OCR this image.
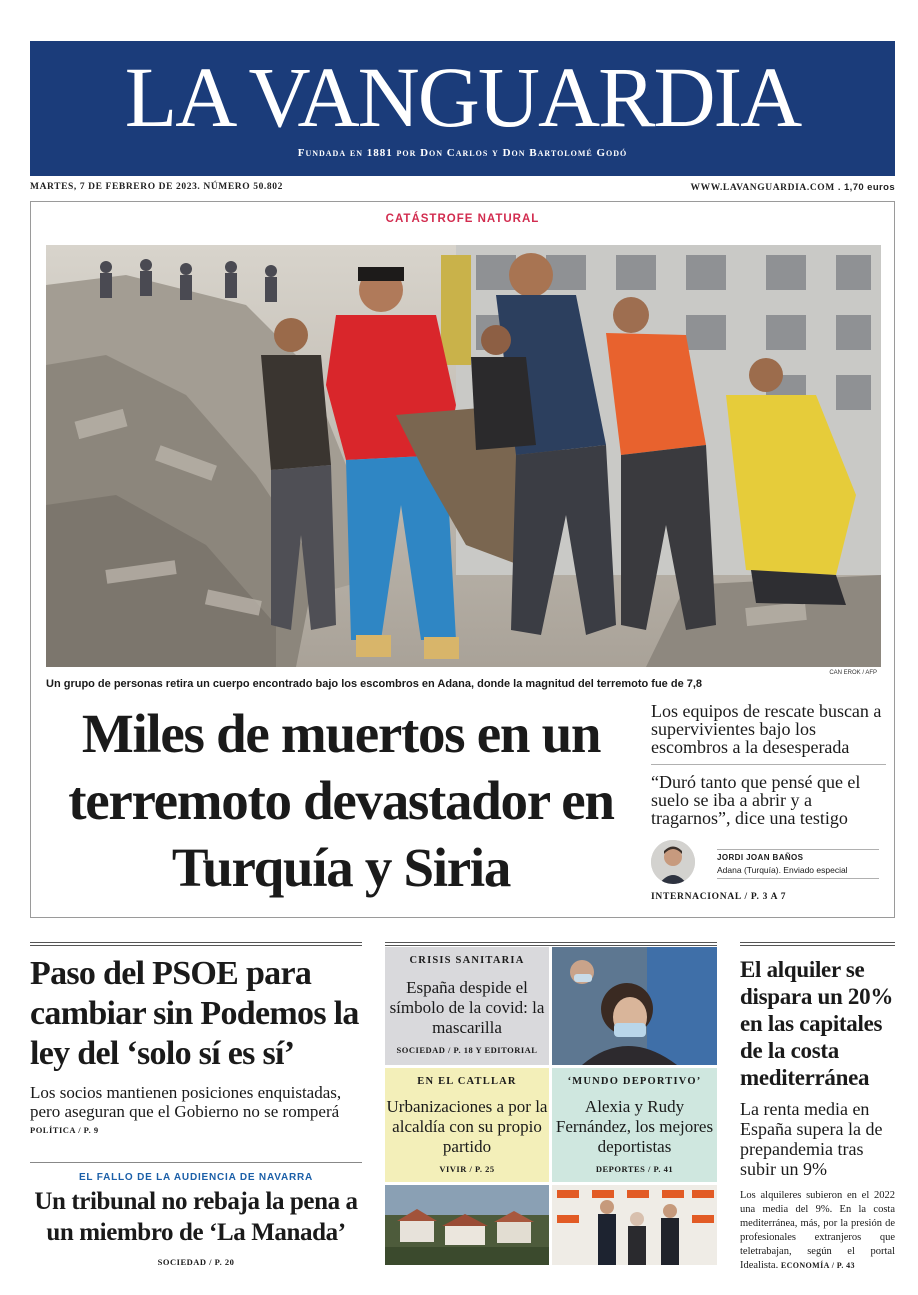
LA VANGUARDIA
Fundada en 1881 por Don Carlos y Don Bartolomé Godó
MARTES, 7 DE FEBRERO DE 2023. NÚMERO 50.802	WWW.LAVANGUARDIA.COM . 1,70 euros
CATÁSTROFE NATURAL
CAN EROK / AFP
Un grupo de personas retira un cuerpo encontrado bajo los escombros en Adana, donde la magnitud del terremoto fue de 7,8
Miles de muertos en un terremoto devastador en Turquía y Siria
Los equipos de rescate buscan a supervivientes bajo los escombros a la desesperada
“Duró tanto que pensé que el suelo se iba a abrir y a tragarnos”, dice una testigo
JORDI JOAN BAÑOS
Adana (Turquía). Enviado especial
INTERNACIONAL / P. 3 A 7
Paso del PSOE para cambiar sin Podemos la ley del ‘solo sí es sí’
Los socios mantienen posiciones enquistadas, pero aseguran que el Gobierno no se romperá
POLÍTICA / P. 9
EL FALLO DE LA AUDIENCIA DE NAVARRA
Un tribunal no rebaja la pena a un miembro de ‘La Manada’
SOCIEDAD / P. 20
CRISIS SANITARIA
España despide el símbolo de la covid: la mascarilla
SOCIEDAD / P. 18 Y EDITORIAL
EN EL CATLLAR
Urbanizaciones a por la alcaldía con su propio partido
VIVIR / P. 25
‘MUNDO DEPORTIVO’
Alexia y Rudy Fernández, los mejores deportistas
DEPORTES / P. 41
El alquiler se dispara un 20% en las capitales de la costa mediterránea
La renta media en España supera la de prepandemia tras subir un 9%

Los alquileres subieron en el 2022 una media del 9%. En la costa mediterránea, más, por la presión de profesionales extranjeros que teletrabajan, según el portal Idealista. ECONOMÍA / P. 43
